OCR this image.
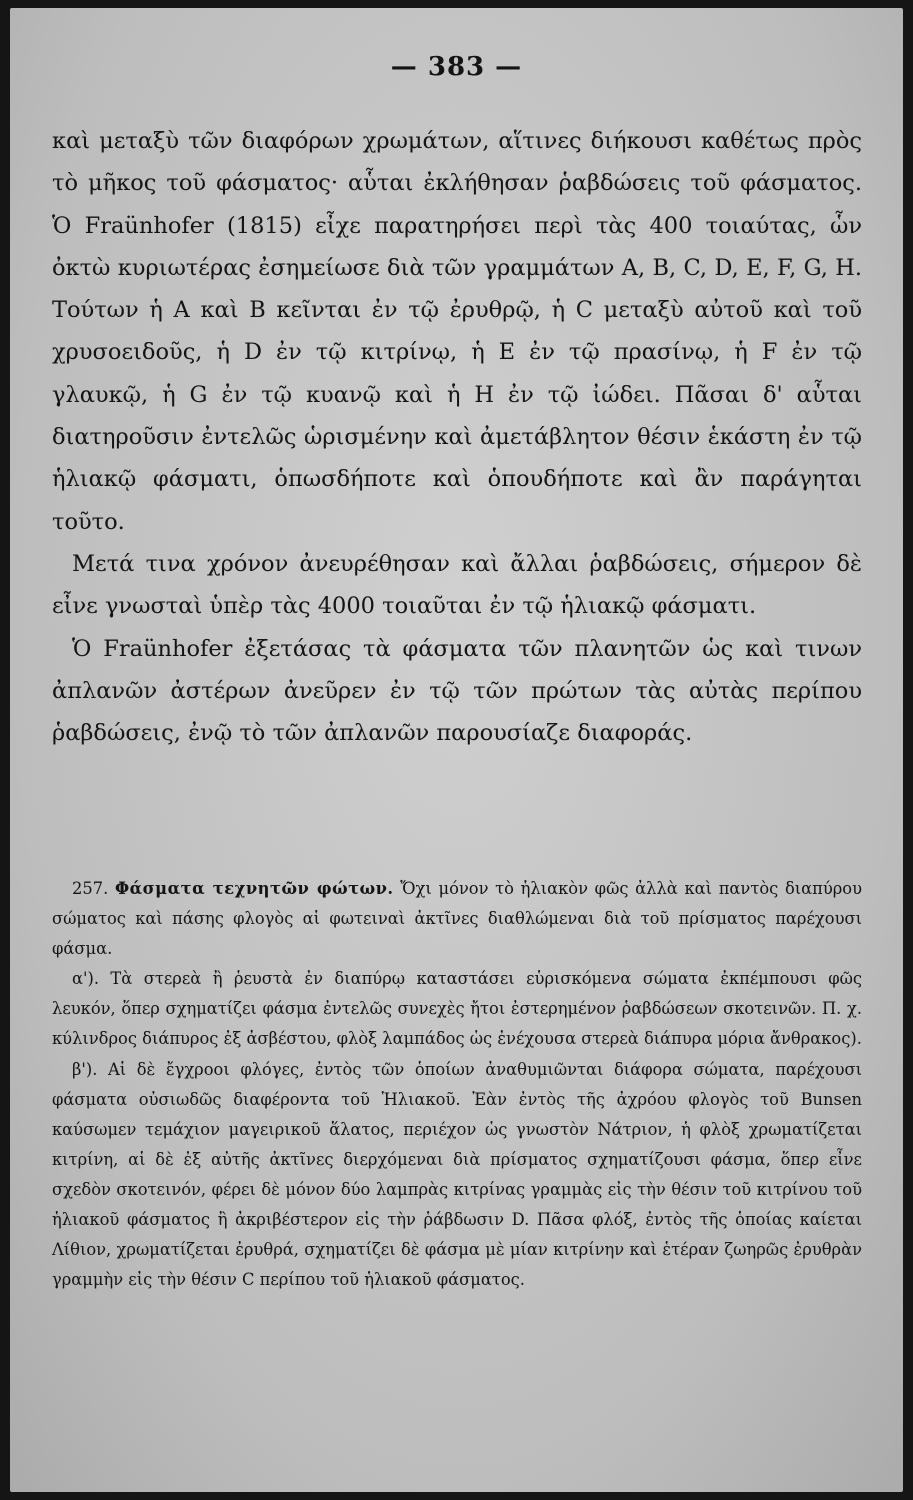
— 383 —

καὶ μεταξὺ τῶν διαφόρων χρωμάτων, αἵτινες διήκουσι καθέτως πρὸς τὸ μῆκος τοῦ φάσματος· αὗται ἐκλήθησαν ῥαβδώσεις τοῦ φάσματος. Ὁ Fraünhofer (1815) εἶχε παρατηρήσει περὶ τὰς 400 τοιαύτας, ὧν ὀκτὼ κυριωτέρας ἐσημείωσε διὰ τῶν γραμμάτων Α, Β, C, D, Ε, F, G, Η. Τούτων ἡ Α καὶ Β κεῖνται ἐν τῷ ἐρυθρῷ, ἡ C μεταξὺ αὐτοῦ καὶ τοῦ χρυσοειδοῦς, ἡ D ἐν τῷ κιτρίνῳ, ἡ Ε ἐν τῷ πρασίνῳ, ἡ F ἐν τῷ γλαυκῷ, ἡ G ἐν τῷ κυανῷ καὶ ἡ Η ἐν τῷ ἰώδει. Πᾶσαι δ' αὗται διατηροῦσιν ἐντελῶς ὡρισμένην καὶ ἀμετάβλητον θέσιν ἑκάστη ἐν τῷ ἡλιακῷ φάσματι, ὁπωσδήποτε καὶ ὁπουδήποτε καὶ ἂν παράγηται τοῦτο.

Μετά τινα χρόνον ἀνευρέθησαν καὶ ἄλλαι ῥαβδώσεις, σήμερον δὲ εἶνε γνωσταὶ ὑπὲρ τὰς 4000 τοιαῦται ἐν τῷ ἡλιακῷ φάσματι.

Ὁ Fraünhofer ἐξετάσας τὰ φάσματα τῶν πλανητῶν ὡς καὶ τινων ἀπλανῶν ἀστέρων ἀνεῦρεν ἐν τῷ τῶν πρώτων τὰς αὐτὰς περίπου ῥαβδώσεις, ἐνῷ τὸ τῶν ἀπλανῶν παρουσίαζε διαφοράς.

257. Φάσματα τεχνητῶν φώτων. Ὄχι μόνον τὸ ἡλιακὸν φῶς ἀλλὰ καὶ παντὸς διαπύρου σώματος καὶ πάσης φλογὸς αἱ φωτειναὶ ἀκτῖνες διαθλώμεναι διὰ τοῦ πρίσματος παρέχουσι φάσμα.

α'). Τὰ στερεὰ ἢ ῥευστὰ ἐν διαπύρῳ καταστάσει εὑρισκόμενα σώματα ἐκπέμπουσι φῶς λευκόν, ὅπερ σχηματίζει φάσμα ἐντελῶς συνεχὲς ἤτοι ἐστερημένον ῥαβδώσεων σκοτεινῶν. Π. χ. κύλινδρος διάπυρος ἐξ ἀσβέστου, φλὸξ λαμπάδος ὡς ἐνέχουσα στερεὰ διάπυρα μόρια ἄνθρακος).

β'). Αἱ δὲ ἔγχροοι φλόγες, ἐντὸς τῶν ὁποίων ἀναθυμιῶνται διάφορα σώματα, παρέχουσι φάσματα οὐσιωδῶς διαφέροντα τοῦ Ἡλιακοῦ. Ἐὰν ἐντὸς τῆς ἀχρόου φλογὸς τοῦ Bunsen καύσωμεν τεμάχιον μαγειρικοῦ ἅλατος, περιέχον ὡς γνωστὸν Νάτριον, ἡ φλὸξ χρωματίζεται κιτρίνη, αἱ δὲ ἐξ αὐτῆς ἀκτῖνες διερχόμεναι διὰ πρίσματος σχηματίζουσι φάσμα, ὅπερ εἶνε σχεδὸν σκοτεινόν, φέρει δὲ μόνον δύο λαμπρὰς κιτρίνας γραμμὰς εἰς τὴν θέσιν τοῦ κιτρίνου τοῦ ἡλιακοῦ φάσματος ἢ ἀκριβέστερον εἰς τὴν ῥάβδωσιν D. Πᾶσα φλόξ, ἐντὸς τῆς ὁποίας καίεται Λίθιον, χρωματίζεται ἐρυθρά, σχηματίζει δὲ φάσμα μὲ μίαν κιτρίνην καὶ ἑτέραν ζωηρῶς ἐρυθρὰν γραμμὴν εἰς τὴν θέσιν C περίπου τοῦ ἡλιακοῦ φάσματος.
